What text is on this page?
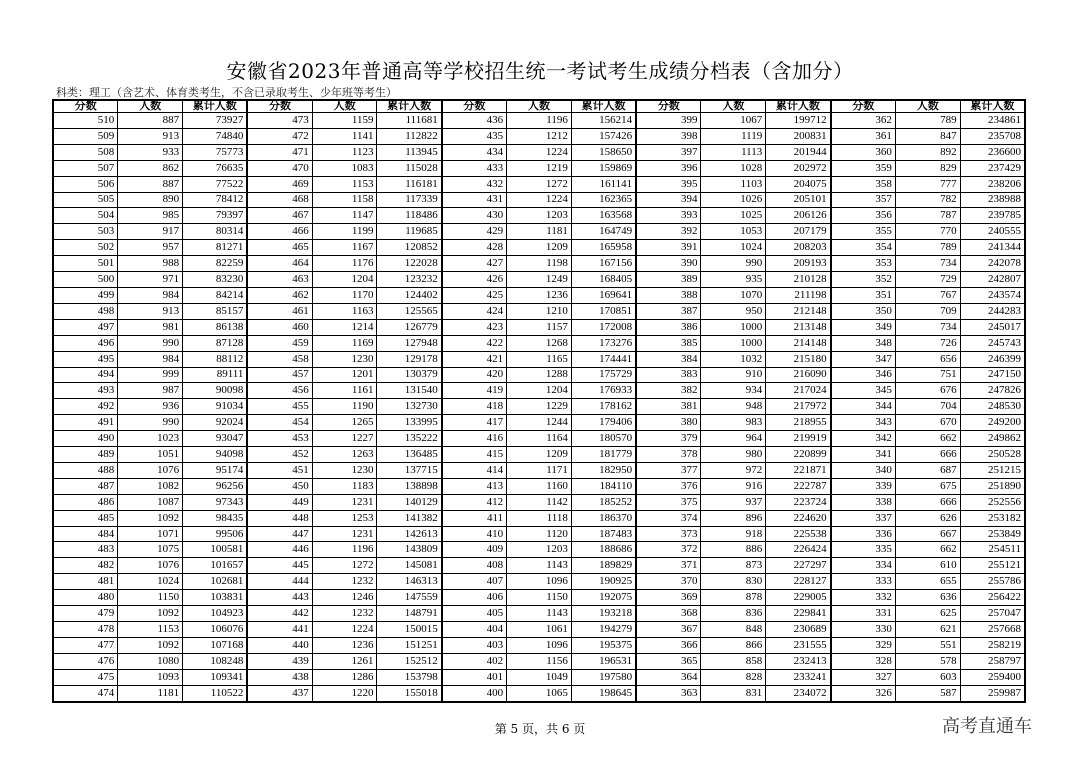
安徽省2023年普通高等学校招生统一考试考生成绩分档表（含加分）
科类：理工（含艺术、体育类考生，不含已录取考生、少年班等考生）
分数	人数	累计人数	分数	人数	累计人数	分数	人数	累计人数	分数	人数	累计人数	分数	人数	累计人数
510	887	73927	473	1159	111681	436	1196	156214	399	1067	199712	362	789	234861
509	913	74840	472	1141	112822	435	1212	157426	398	1119	200831	361	847	235708
508	933	75773	471	1123	113945	434	1224	158650	397	1113	201944	360	892	236600
507	862	76635	470	1083	115028	433	1219	159869	396	1028	202972	359	829	237429
506	887	77522	469	1153	116181	432	1272	161141	395	1103	204075	358	777	238206
505	890	78412	468	1158	117339	431	1224	162365	394	1026	205101	357	782	238988
504	985	79397	467	1147	118486	430	1203	163568	393	1025	206126	356	787	239785
503	917	80314	466	1199	119685	429	1181	164749	392	1053	207179	355	770	240555
502	957	81271	465	1167	120852	428	1209	165958	391	1024	208203	354	789	241344
501	988	82259	464	1176	122028	427	1198	167156	390	990	209193	353	734	242078
500	971	83230	463	1204	123232	426	1249	168405	389	935	210128	352	729	242807
499	984	84214	462	1170	124402	425	1236	169641	388	1070	211198	351	767	243574
498	913	85157	461	1163	125565	424	1210	170851	387	950	212148	350	709	244283
497	981	86138	460	1214	126779	423	1157	172008	386	1000	213148	349	734	245017
496	990	87128	459	1169	127948	422	1268	173276	385	1000	214148	348	726	245743
495	984	88112	458	1230	129178	421	1165	174441	384	1032	215180	347	656	246399
494	999	89111	457	1201	130379	420	1288	175729	383	910	216090	346	751	247150
493	987	90098	456	1161	131540	419	1204	176933	382	934	217024	345	676	247826
492	936	91034	455	1190	132730	418	1229	178162	381	948	217972	344	704	248530
491	990	92024	454	1265	133995	417	1244	179406	380	983	218955	343	670	249200
490	1023	93047	453	1227	135222	416	1164	180570	379	964	219919	342	662	249862
489	1051	94098	452	1263	136485	415	1209	181779	378	980	220899	341	666	250528
488	1076	95174	451	1230	137715	414	1171	182950	377	972	221871	340	687	251215
487	1082	96256	450	1183	138898	413	1160	184110	376	916	222787	339	675	251890
486	1087	97343	449	1231	140129	412	1142	185252	375	937	223724	338	666	252556
485	1092	98435	448	1253	141382	411	1118	186370	374	896	224620	337	626	253182
484	1071	99506	447	1231	142613	410	1120	187483	373	918	225538	336	667	253849
483	1075	100581	446	1196	143809	409	1203	188686	372	886	226424	335	662	254511
482	1076	101657	445	1272	145081	408	1143	189829	371	873	227297	334	610	255121
481	1024	102681	444	1232	146313	407	1096	190925	370	830	228127	333	655	255786
480	1150	103831	443	1246	147559	406	1150	192075	369	878	229005	332	636	256422
479	1092	104923	442	1232	148791	405	1143	193218	368	836	229841	331	625	257047
478	1153	106076	441	1224	150015	404	1061	194279	367	848	230689	330	621	257668
477	1092	107168	440	1236	151251	403	1096	195375	366	866	231555	329	551	258219
476	1080	108248	439	1261	152512	402	1156	196531	365	858	232413	328	578	258797
475	1093	109341	438	1286	153798	401	1049	197580	364	828	233241	327	603	259400
474	1181	110522	437	1220	155018	400	1065	198645	363	831	234072	326	587	259987
第 5 页，共 6 页	高考直通车
